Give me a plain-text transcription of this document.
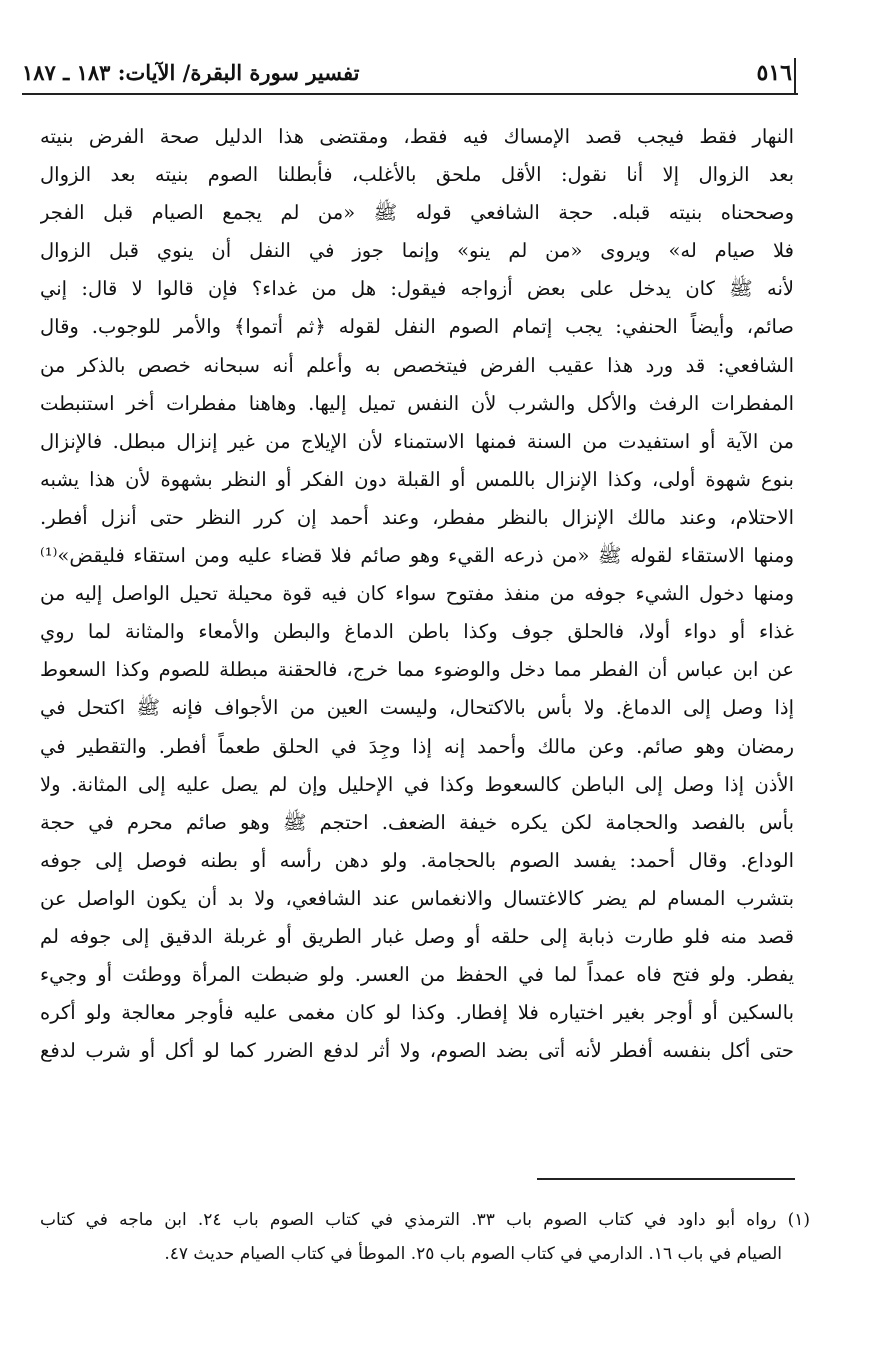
٥١٦
تفسير سورة البقرة/ الآيات: ١٨٣ ـ ١٨٧
النهار فقط فيجب قصد الإمساك فيه فقط، ومقتضى هذا الدليل صحة الفرض بنيته
بعد الزوال إلا أنا نقول: الأقل ملحق بالأغلب، فأبطلنا الصوم بنيته بعد الزوال
وصححناه بنيته قبله. حجة الشافعي قوله ﷺ «من لم يجمع الصيام قبل الفجر
فلا صيام له» ويروى «من لم ينو» وإنما جوز في النفل أن ينوي قبل الزوال
لأنه ﷺ كان يدخل على بعض أزواجه فيقول: هل من غداء؟ فإن قالوا لا قال: إني
صائم، وأيضاً الحنفي: يجب إتمام الصوم النفل لقوله ﴿ثم أتموا﴾ والأمر للوجوب. وقال
الشافعي: قد ورد هذا عقيب الفرض فيتخصص به وأعلم أنه سبحانه خصص بالذكر من
المفطرات الرفث والأكل والشرب لأن النفس تميل إليها. وهاهنا مفطرات أخر استنبطت
من الآية أو استفيدت من السنة فمنها الاستمناء لأن الإيلاج من غير إنزال مبطل. فالإنزال
بنوع شهوة أولى، وكذا الإنزال باللمس أو القبلة دون الفكر أو النظر بشهوة لأن هذا يشبه
الاحتلام، وعند مالك الإنزال بالنظر مفطر، وعند أحمد إن كرر النظر حتى أنزل أفطر.
ومنها الاستقاء لقوله ﷺ «من ذرعه القيء وهو صائم فلا قضاء عليه ومن استقاء فليقض»⁽¹⁾
ومنها دخول الشيء جوفه من منفذ مفتوح سواء كان فيه قوة محيلة تحيل الواصل إليه من
غذاء أو دواء أولا، فالحلق جوف وكذا باطن الدماغ والبطن والأمعاء والمثانة لما روي
عن ابن عباس أن الفطر مما دخل والوضوء مما خرج، فالحقنة مبطلة للصوم وكذا السعوط
إذا وصل إلى الدماغ. ولا بأس بالاكتحال، وليست العين من الأجواف فإنه ﷺ اكتحل في
رمضان وهو صائم. وعن مالك وأحمد إنه إذا وجِدَ في الحلق طعماً أفطر. والتقطير في
الأذن إذا وصل إلى الباطن كالسعوط وكذا في الإحليل وإن لم يصل عليه إلى المثانة. ولا
بأس بالفصد والحجامة لكن يكره خيفة الضعف. احتجم ﷺ وهو صائم محرم في حجة
الوداع. وقال أحمد: يفسد الصوم بالحجامة. ولو دهن رأسه أو بطنه فوصل إلى جوفه
بتشرب المسام لم يضر كالاغتسال والانغماس عند الشافعي، ولا بد أن يكون الواصل عن
قصد منه فلو طارت ذبابة إلى حلقه أو وصل غبار الطريق أو غربلة الدقيق إلى جوفه لم
يفطر. ولو فتح فاه عمداً لما في الحفظ من العسر. ولو ضبطت المرأة ووطئت أو وجيء
بالسكين أو أوجر بغير اختياره فلا إفطار. وكذا لو كان مغمى عليه فأوجر معالجة ولو أكره
حتى أكل بنفسه أفطر لأنه أتى بضد الصوم، ولا أثر لدفع الضرر كما لو أكل أو شرب لدفع
(١) رواه أبو داود في كتاب الصوم باب ٣٣. الترمذي في كتاب الصوم باب ٢٤. ابن ماجه في كتاب
الصيام في باب ١٦. الدارمي في كتاب الصوم باب ٢٥. الموطأ في كتاب الصيام حديث ٤٧.
